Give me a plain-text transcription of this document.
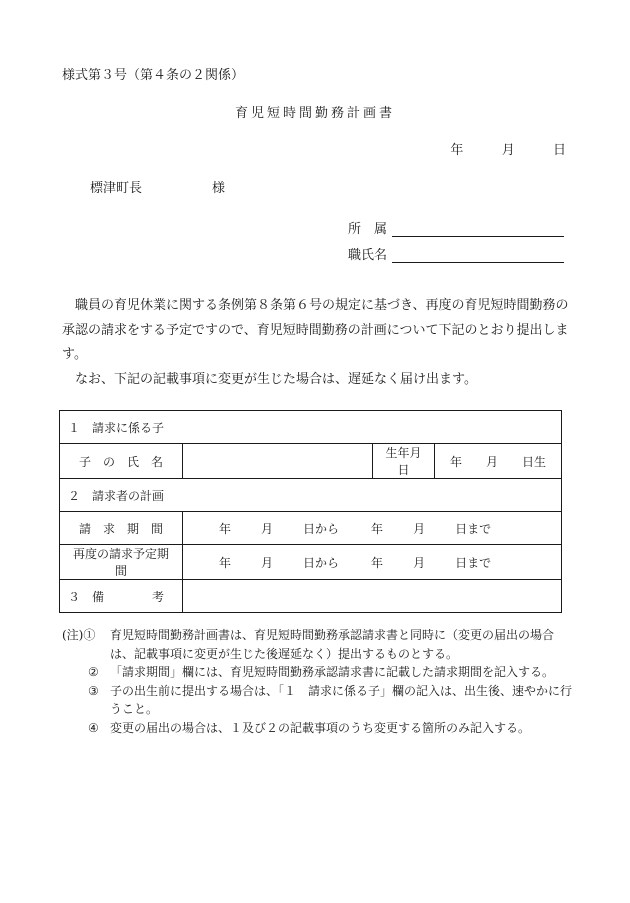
様式第３号（第４条の２関係）
育児短時間勤務計画書
年	月	日
標津町長	様
所　属
職氏名

職員の育児休業に関する条例第８条第６号の規定に基づき、再度の育児短時間勤務の承認の請求をする予定ですので、育児短時間勤務の計画について下記のとおり提出します。

なお、下記の記載事項に変更が生じた場合は、遅延なく届け出ます。

１　請求に係る子			
子　の　氏　名		生年月日	年　　月　　日生
２　請求者の計画			
請　求　期　間	年 月 日から 年 月 日まで		
再度の請求予定期間	年 月 日から 年 月 日まで		
３　備　　　　考			
(注)① 育児短時間勤務計画書は、育児短時間勤務承認請求書と同時に（変更の届出の場合は、記載事項に変更が生じた後遅延なく）提出するものとする。
② 「請求期間」欄には、育児短時間勤務承認請求書に記載した請求期間を記入する。
③ 子の出生前に提出する場合は、「１　請求に係る子」欄の記入は、出生後、速やかに行うこと。
④ 変更の届出の場合は、１及び２の記載事項のうち変更する箇所のみ記入する。
